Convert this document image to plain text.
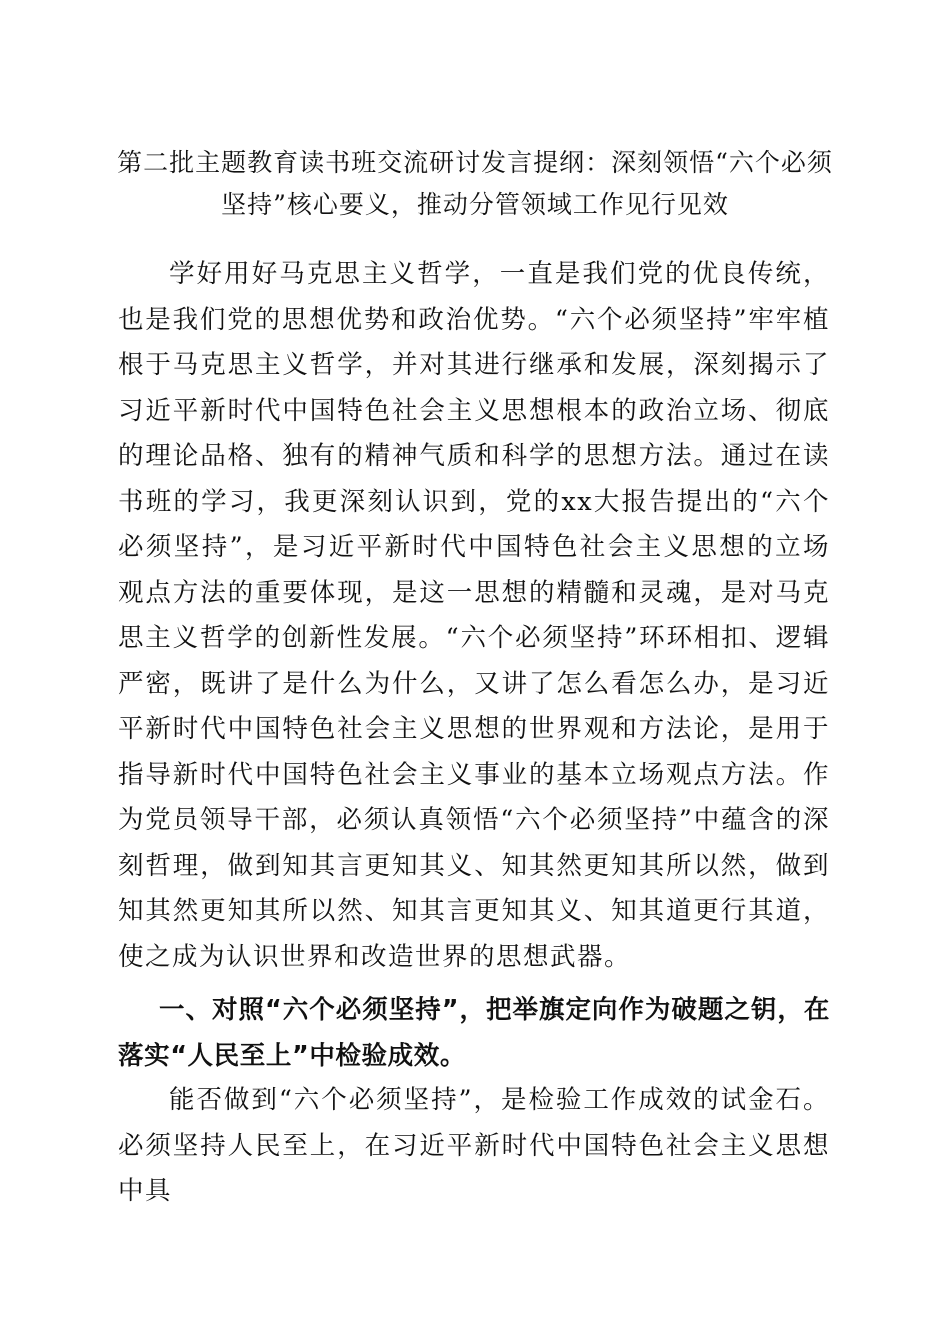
第二批主题教育读书班交流研讨发言提纲：深刻领悟“六个必须坚持”核心要义，推动分管领域工作见行见效

学好用好马克思主义哲学，一直是我们党的优良传统，也是我们党的思想优势和政治优势。“六个必须坚持”牢牢植根于马克思主义哲学，并对其进行继承和发展，深刻揭示了习近平新时代中国特色社会主义思想根本的政治立场、彻底的理论品格、独有的精神气质和科学的思想方法。通过在读书班的学习，我更深刻认识到，党的xx大报告提出的“六个必须坚持”，是习近平新时代中国特色社会主义思想的立场观点方法的重要体现，是这一思想的精髓和灵魂，是对马克思主义哲学的创新性发展。“六个必须坚持”环环相扣、逻辑严密，既讲了是什么为什么，又讲了怎么看怎么办，是习近平新时代中国特色社会主义思想的世界观和方法论，是用于指导新时代中国特色社会主义事业的基本立场观点方法。作为党员领导干部，必须认真领悟“六个必须坚持”中蕴含的深刻哲理，做到知其言更知其义、知其然更知其所以然，做到知其然更知其所以然、知其言更知其义、知其道更行其道，使之成为认识世界和改造世界的思想武器。

一、对照“六个必须坚持”，把举旗定向作为破题之钥，在落实“人民至上”中检验成效。

能否做到“六个必须坚持”，是检验工作成效的试金石。必须坚持人民至上，在习近平新时代中国特色社会主义思想中具
